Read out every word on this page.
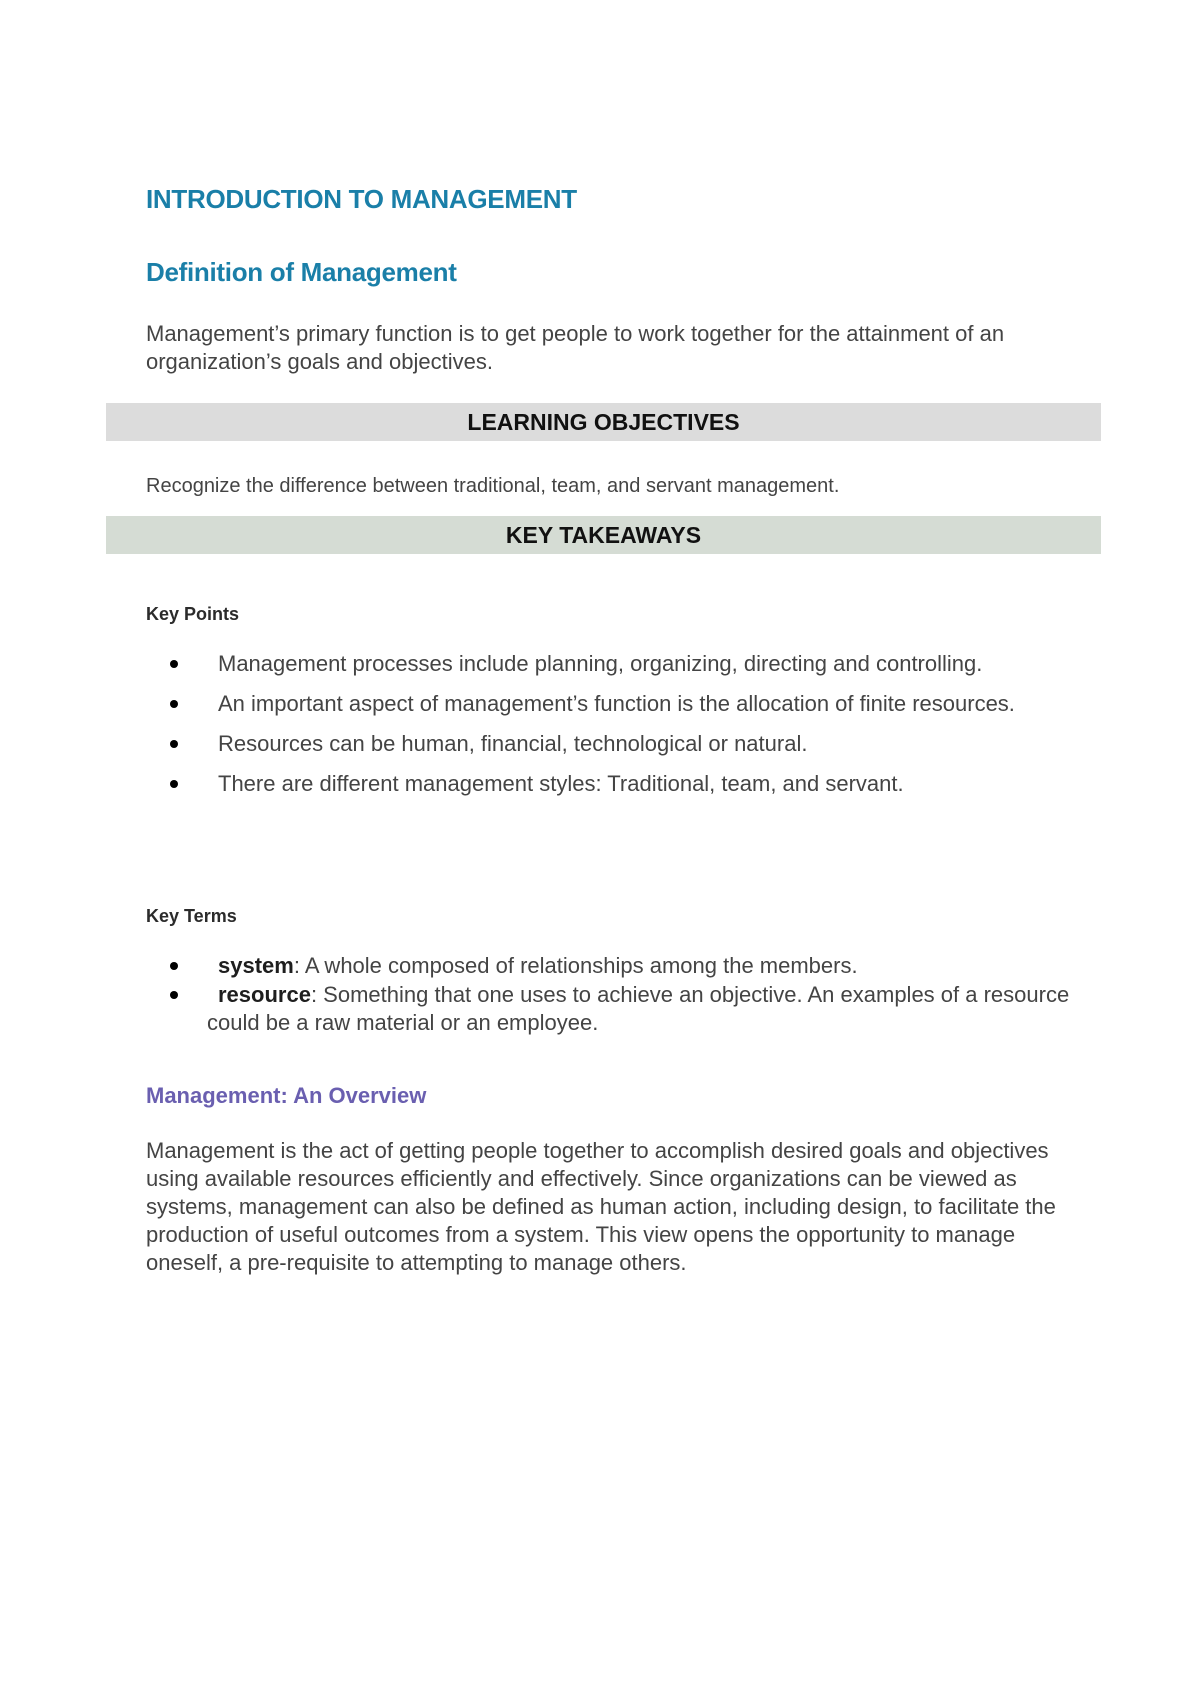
INTRODUCTION TO MANAGEMENT
Definition of Management
Management’s primary function is to get people to work together for the attainment of an organization’s goals and objectives.
LEARNING OBJECTIVES
Recognize the difference between traditional, team, and servant management.
KEY TAKEAWAYS
Key Points
Management processes include planning, organizing, directing and controlling.
An important aspect of management’s function is the allocation of finite resources.
Resources can be human, financial, technological or natural.
There are different management styles: Traditional, team, and servant.
Key Terms
system: A whole composed of relationships among the members.
resource: Something that one uses to achieve an objective. An examples of a resource could be a raw material or an employee.
Management: An Overview
Management is the act of getting people together to accomplish desired goals and objectives using available resources efficiently and effectively. Since organizations can be viewed as systems, management can also be defined as human action, including design, to facilitate the production of useful outcomes from a system. This view opens the opportunity to manage oneself, a pre-requisite to attempting to manage others.
